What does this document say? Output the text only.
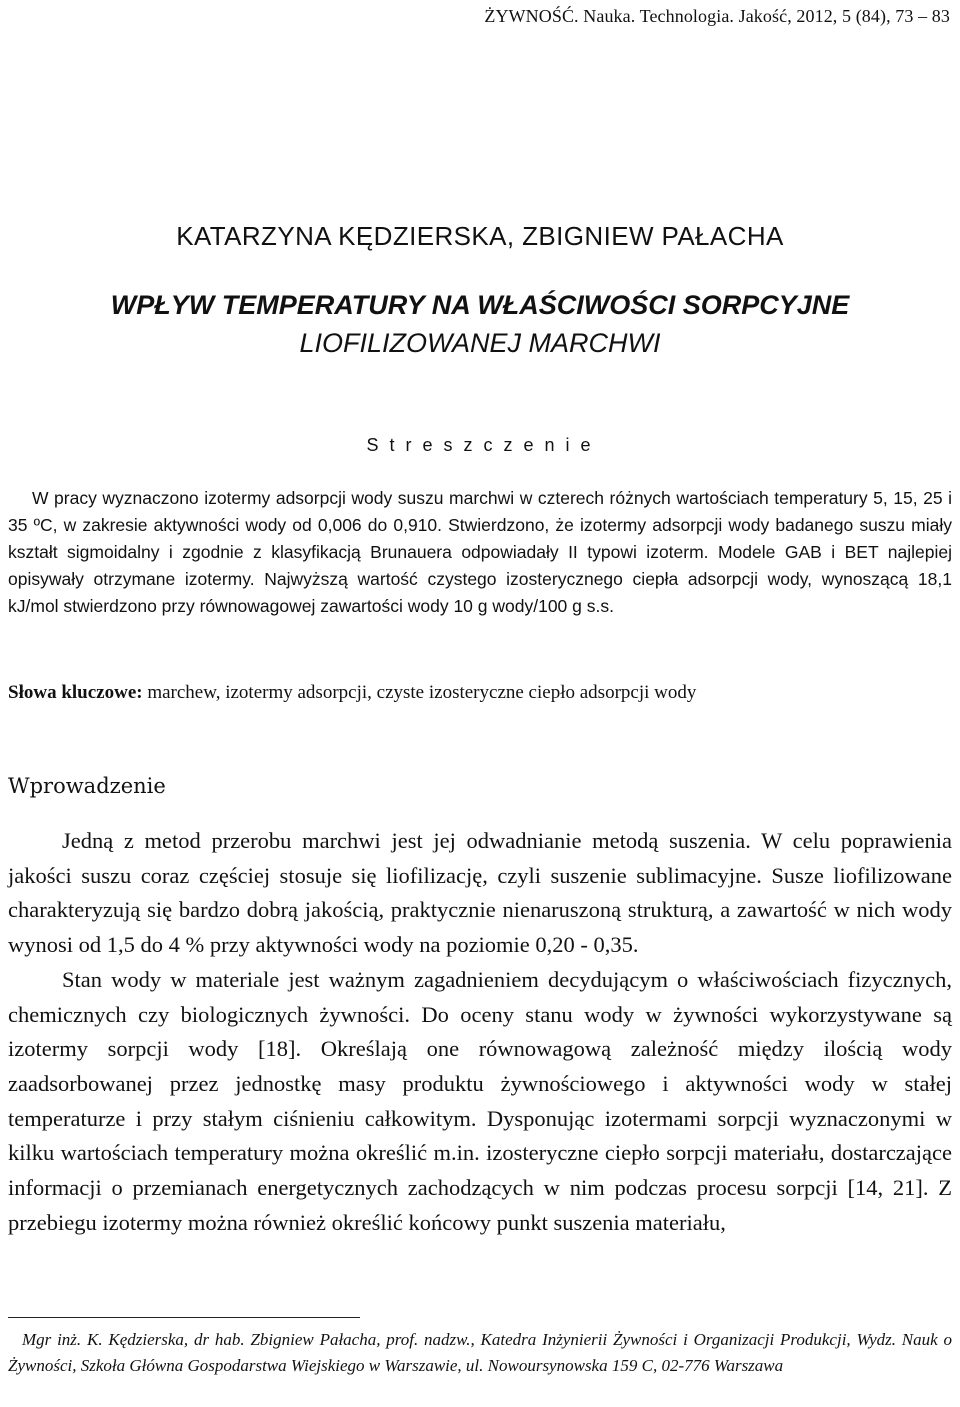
ŻYWNOŚĆ. Nauka. Technologia. Jakość, 2012, 5 (84), 73 – 83
KATARZYNA KĘDZIERSKA, ZBIGNIEW PAŁACHA
WPŁYW TEMPERATURY NA WŁAŚCIWOŚCI SORPCYJNE
LIOFILIZOWANEJ MARCHWI
S t r e s z c z e n i e

W pracy wyznaczono izotermy adsorpcji wody suszu marchwi w czterech różnych wartościach temperatury 5, 15, 25 i 35 ºC, w zakresie aktywności wody od 0,006 do 0,910. Stwierdzono, że izotermy adsorpcji wody badanego suszu miały kształt sigmoidalny i zgodnie z klasyfikacją Brunauera odpowiadały II typowi izoterm. Modele GAB i BET najlepiej opisywały otrzymane izotermy. Najwyższą wartość czystego izosterycznego ciepła adsorpcji wody, wynoszącą 18,1 kJ/mol stwierdzono przy równowagowej zawartości wody 10 g wody/100 g s.s.

Słowa kluczowe: marchew, izotermy adsorpcji, czyste izosteryczne ciepło adsorpcji wody

Wprowadzenie

Jedną z metod przerobu marchwi jest jej odwadnianie metodą suszenia. W celu poprawienia jakości suszu coraz częściej stosuje się liofilizację, czyli suszenie sublimacyjne. Susze liofilizowane charakteryzują się bardzo dobrą jakością, praktycznie nienaruszoną strukturą, a zawartość w nich wody wynosi od 1,5 do 4 % przy aktywności wody na poziomie 0,20 - 0,35.

Stan wody w materiale jest ważnym zagadnieniem decydującym o właściwościach fizycznych, chemicznych czy biologicznych żywności. Do oceny stanu wody w żywności wykorzystywane są izotermy sorpcji wody [18]. Określają one równowagową zależność między ilością wody zaadsorbowanej przez jednostkę masy produktu żywnościowego i aktywności wody w stałej temperaturze i przy stałym ciśnieniu całkowitym. Dysponując izotermami sorpcji wyznaczonymi w kilku wartościach temperatury można określić m.in. izosteryczne ciepło sorpcji materiału, dostarczające informacji o przemianach energetycznych zachodzących w nim podczas procesu sorpcji [14, 21]. Z przebiegu izotermy można również określić końcowy punkt suszenia materiału,

Mgr inż. K. Kędzierska, dr hab. Zbigniew Pałacha, prof. nadzw., Katedra Inżynierii Żywności i Organizacji Produkcji, Wydz. Nauk o Żywności, Szkoła Główna Gospodarstwa Wiejskiego w Warszawie, ul. Nowoursynowska 159 C, 02-776 Warszawa
